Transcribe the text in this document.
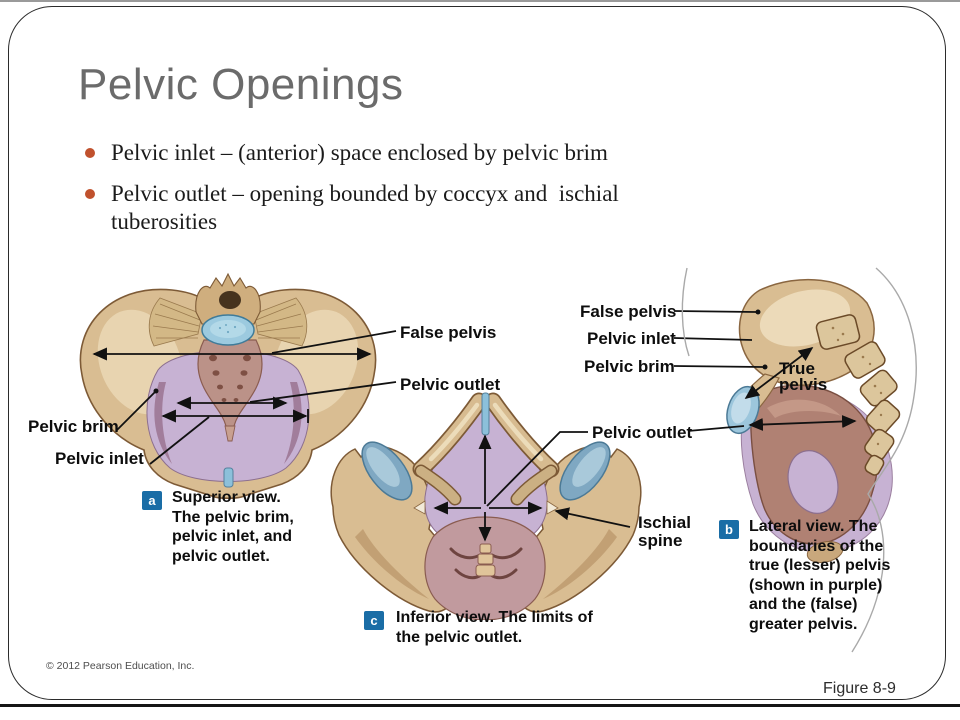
Pelvic Openings
Pelvic inlet – (anterior) space enclosed by pelvic brim
Pelvic outlet – opening bounded by coccyx and  ischial tuberosities
False pelvis
Pelvic outlet
Pelvic brim
Pelvic inlet
Pelvic outlet
Ischial spine
False pelvis
Pelvic inlet
Pelvic brim	True pelvis
a	Superior view. The pelvic brim, pelvic inlet, and pelvic outlet.
b	Lateral view. The boundaries of the true (lesser) pelvis (shown in purple) and the (false) greater pelvis.
c	Inferior view. The limits of the pelvic outlet.
© 2012 Pearson Education, Inc.
Figure 8-9
